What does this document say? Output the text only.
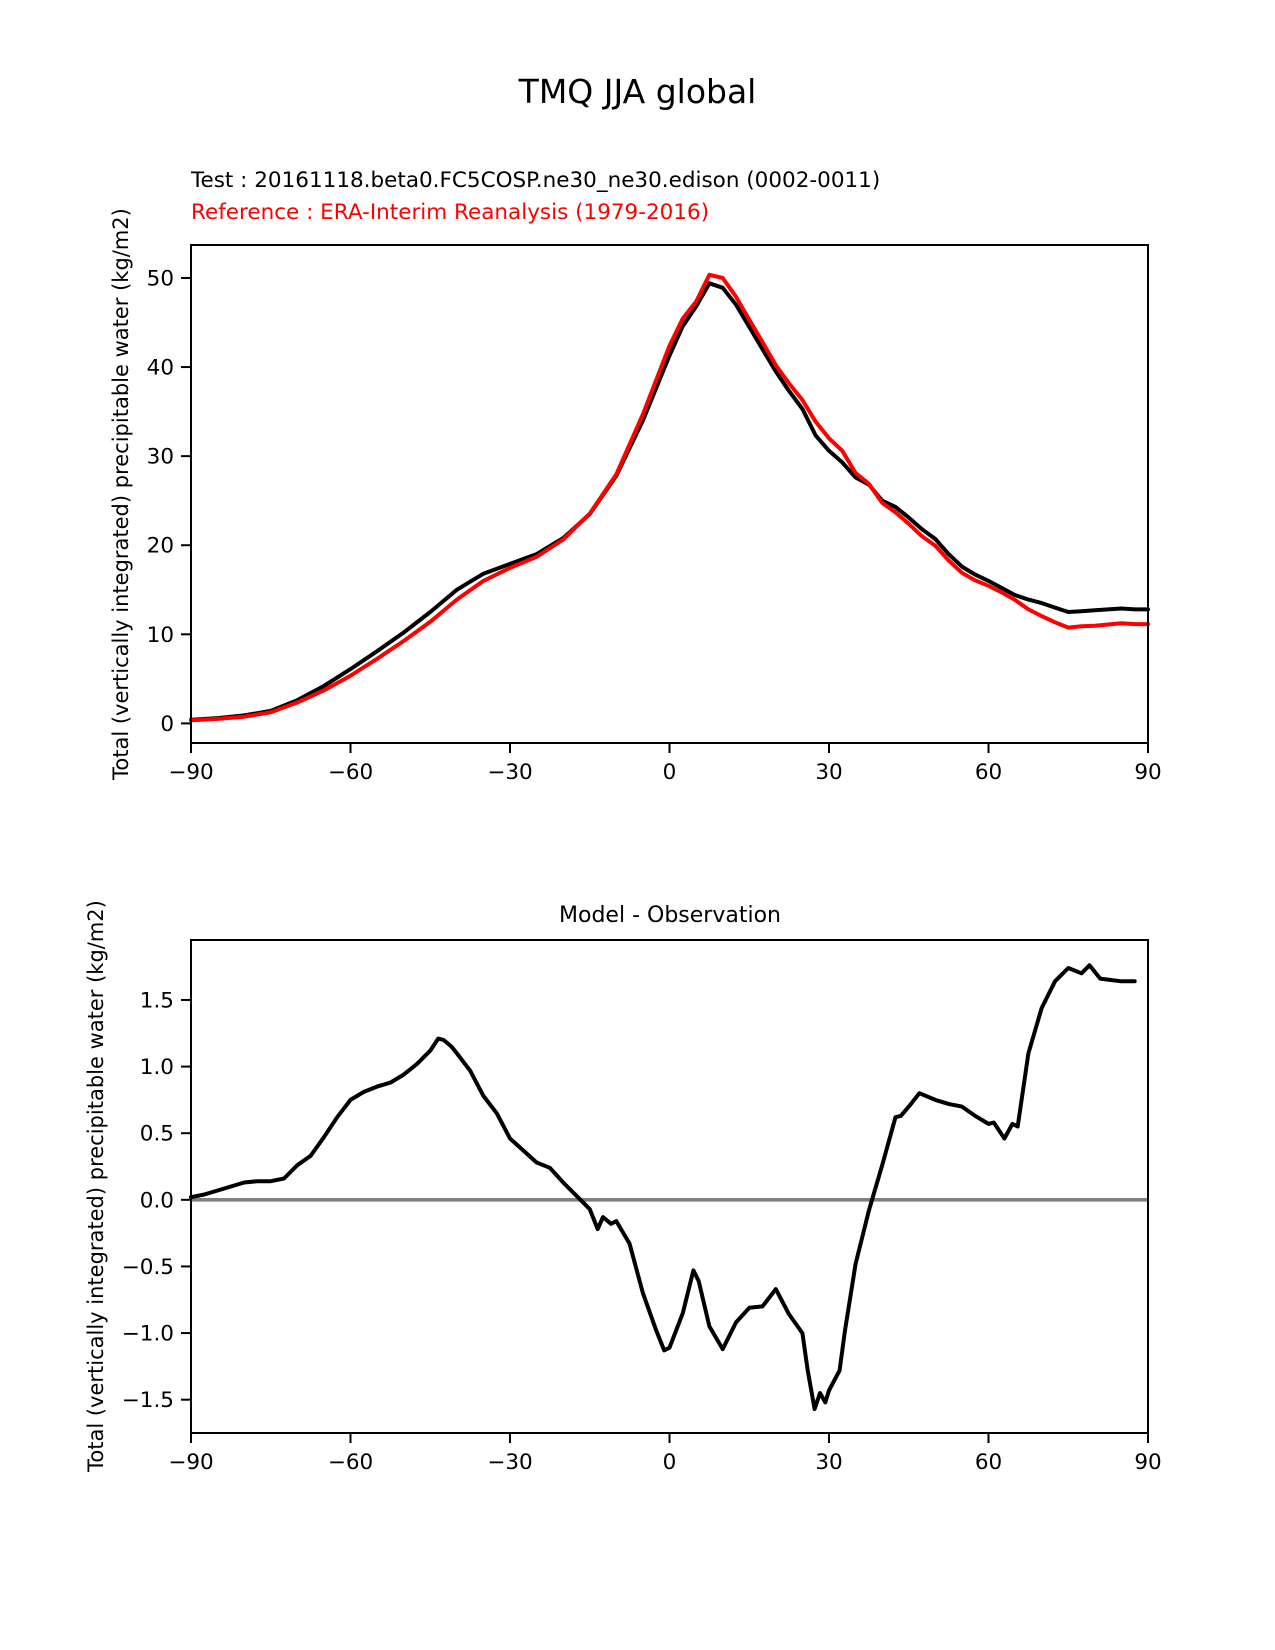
TMQ JJA global
Test : 20161118.beta0.FC5COSP.ne30_ne30.edison (0002-0011)
Reference : ERA-Interim Reanalysis (1979-2016)
Total (vertically integrated) precipitable water (kg/m2)
Model - Observation
Total (vertically integrated) precipitable water (kg/m2)
−90	−60	−30	0	30	60	90
0
10
20
30
40
50
−90	−60	−30	0	30	60	90
−1.5
−1.0
−0.5
0.0
0.5
1.0
1.5
